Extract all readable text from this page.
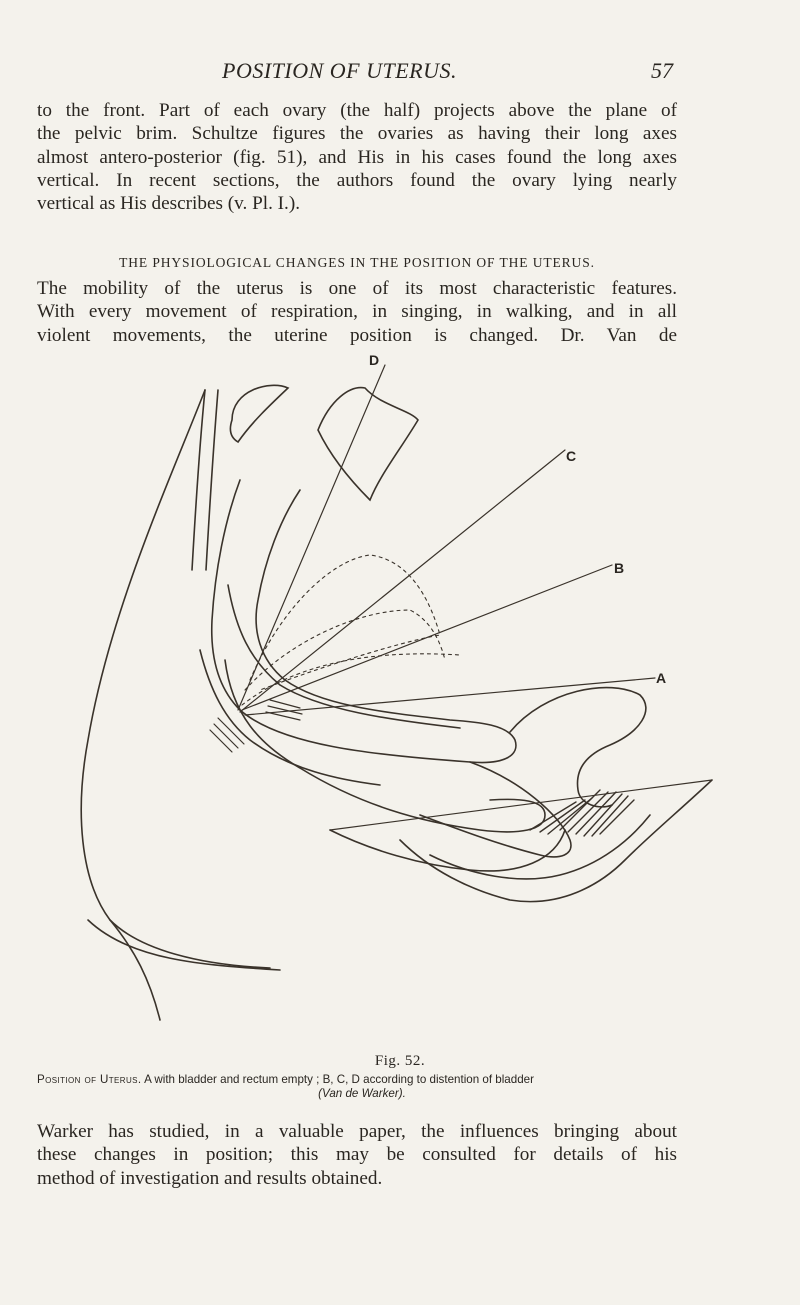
POSITION OF UTERUS.	57
to the front. Part of each ovary (the half) projects above the plane of
the pelvic brim. Schultze figures the ovaries as having their long axes
almost antero-posterior (fig. 51), and His in his cases found the long axes
vertical. In recent sections, the authors found the ovary lying nearly
vertical as His describes (v. Pl. I.).
THE PHYSIOLOGICAL CHANGES IN THE POSITION OF THE UTERUS.
The mobility of the uterus is one of its most characteristic features.
With every movement of respiration, in singing, in walking, and in all
violent movements, the uterine position is changed. Dr. Van de
D
C
B
A
Fig. 52.
Position of Uterus. A with bladder and rectum empty ; B, C, D according to distention of bladder
(Van de Warker).
Warker has studied, in a valuable paper, the influences bringing about
these changes in position; this may be consulted for details of his
method of investigation and results obtained.
